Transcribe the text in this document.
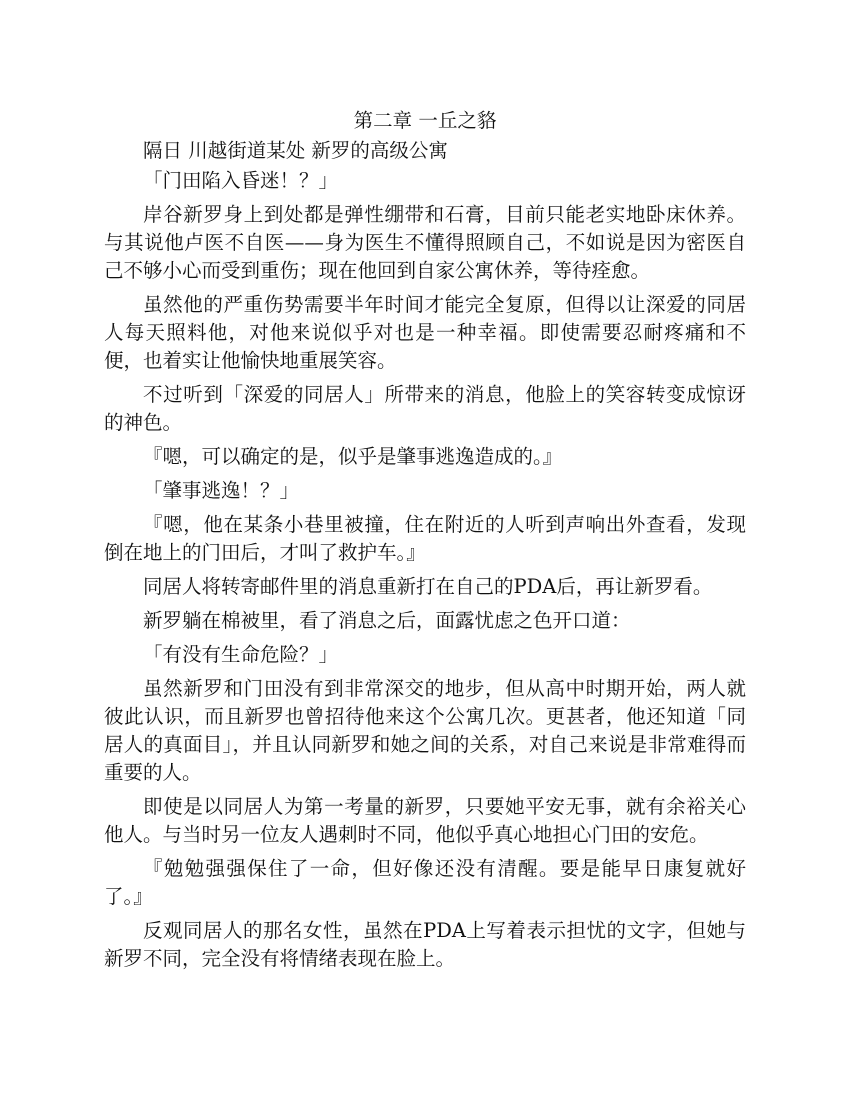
第二章 一丘之貉

隔日 川越街道某处 新罗的高级公寓

「门田陷入昏迷！？」

岸谷新罗身上到处都是弹性绷带和石膏，目前只能老实地卧床休养。与其说他卢医不自医——身为医生不懂得照顾自己，不如说是因为密医自己不够小心而受到重伤；现在他回到自家公寓休养，等待痊愈。

虽然他的严重伤势需要半年时间才能完全复原，但得以让深爱的同居人每天照料他，对他来说似乎对也是一种幸福。即使需要忍耐疼痛和不便，也着实让他愉快地重展笑容。

不过听到「深爱的同居人」所带来的消息，他脸上的笑容转变成惊讶的神色。

『嗯，可以确定的是，似乎是肇事逃逸造成的。』

「肇事逃逸！？」

『嗯，他在某条小巷里被撞，住在附近的人听到声响出外查看，发现倒在地上的门田后，才叫了救护车。』

同居人将转寄邮件里的消息重新打在自己的PDA后，再让新罗看。

新罗躺在棉被里，看了消息之后，面露忧虑之色开口道：

「有没有生命危险？」

虽然新罗和门田没有到非常深交的地步，但从高中时期开始，两人就彼此认识，而且新罗也曾招待他来这个公寓几次。更甚者，他还知道「同居人的真面目」，并且认同新罗和她之间的关系，对自己来说是非常难得而重要的人。

即使是以同居人为第一考量的新罗，只要她平安无事，就有余裕关心他人。与当时另一位友人遇刺时不同，他似乎真心地担心门田的安危。

『勉勉强强保住了一命，但好像还没有清醒。要是能早日康复就好了。』

反观同居人的那名女性，虽然在PDA上写着表示担忧的文字，但她与新罗不同，完全没有将情绪表现在脸上。
